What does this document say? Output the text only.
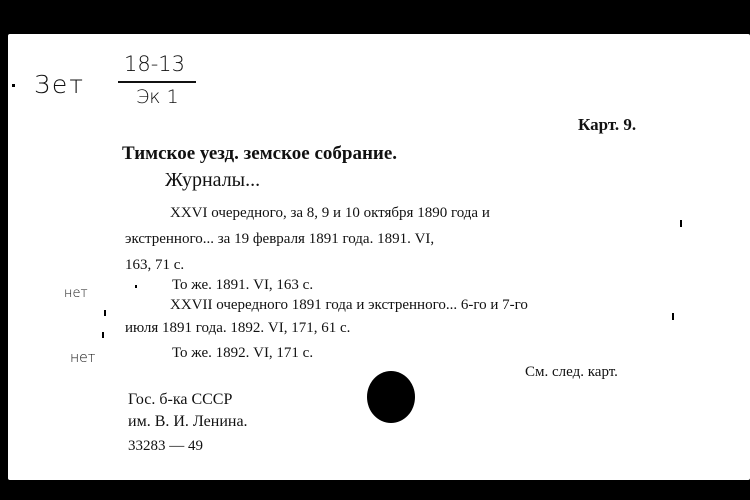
Зет
18-13
Эк 1
нет
нет
Карт. 9.
Тимское уезд. земское собрание.
Журналы...
XXVI очередного, за 8, 9 и 10 октября 1890 года и
экстренного... за 19 февраля 1891 года. 1891. VI,
163, 71 с.
То же. 1891. VI, 163 с.
XXVII очередного 1891 года и экстренного... 6-го и 7-го
июля 1891 года. 1892. VI, 171, 61 с.
То же. 1892. VI, 171 с.
См. след. карт.
Гос. б-ка СССР
им. В. И. Ленина.
33283 — 49
